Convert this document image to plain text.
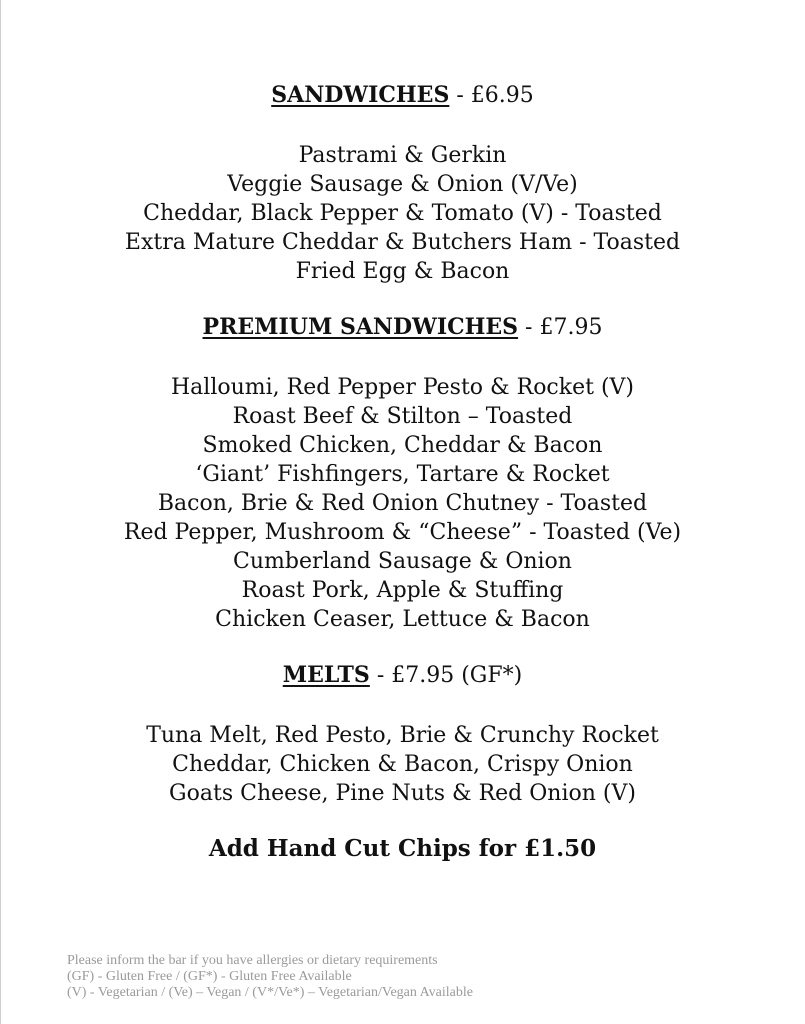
SANDWICHES - £6.95

Pastrami & Gerkin
Veggie Sausage & Onion (V/Ve)
Cheddar, Black Pepper & Tomato (V) - Toasted
Extra Mature Cheddar & Butchers Ham - Toasted
Fried Egg & Bacon

PREMIUM SANDWICHES - £7.95

Halloumi, Red Pepper Pesto & Rocket (V)
Roast Beef & Stilton – Toasted
Smoked Chicken, Cheddar & Bacon
‘Giant’ Fishfingers, Tartare & Rocket
Bacon, Brie & Red Onion Chutney - Toasted
Red Pepper, Mushroom & “Cheese” - Toasted (Ve)
Cumberland Sausage & Onion
Roast Pork, Apple & Stuffing
Chicken Ceaser, Lettuce & Bacon

MELTS - £7.95 (GF*)

Tuna Melt, Red Pesto, Brie & Crunchy Rocket
Cheddar, Chicken & Bacon, Crispy Onion
Goats Cheese, Pine Nuts & Red Onion (V)

Add Hand Cut Chips for £1.50

Please inform the bar if you have allergies or dietary requirements
(GF) - Gluten Free / (GF*) - Gluten Free Available
(V) - Vegetarian / (Ve) – Vegan / (V*/Ve*) – Vegetarian/Vegan Available
